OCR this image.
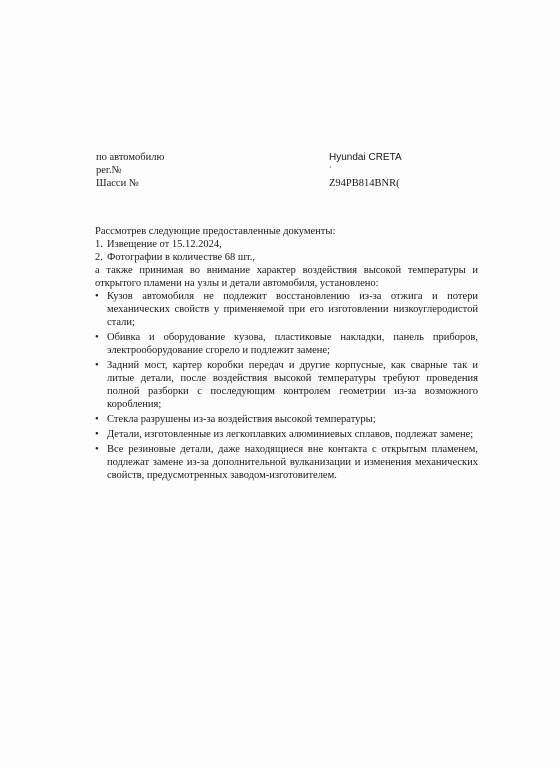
по автомобилю
рег.№
Шасси №
Hyundai CRETA
`
Z94PB814BNR(

Рассмотрев следующие предоставленные документы:

1. Извещение от 15.12.2024,
2. Фотографии в количестве 68 шт.,

а также принимая во внимание характер воздействия высокой температуры и открытого пламени на узлы и детали автомобиля, установлено:

• Кузов автомобиля не подлежит восстановлению из-за отжига и потери механических свойств у применяемой при его изготовлении низкоуглеродистой стали;
• Обивка и оборудование кузова, пластиковые накладки, панель приборов, электрооборудование сгорело и подлежит замене;
• Задний мост, картер коробки передач и другие корпусные, как сварные так и литые детали, после воздействия высокой температуры требуют проведения полной разборки с последующим контролем геометрии из-за возможного коробления;
• Стекла разрушены из-за воздействия высокой температуры;
• Детали, изготовленные из легкоплавких алюминиевых сплавов, подлежат замене;
• Все резиновые детали, даже находящиеся вне контакта с открытым пламенем, подлежат замене из-за дополнительной вулканизации и изменения механических свойств, предусмотренных заводом-изготовителем.
